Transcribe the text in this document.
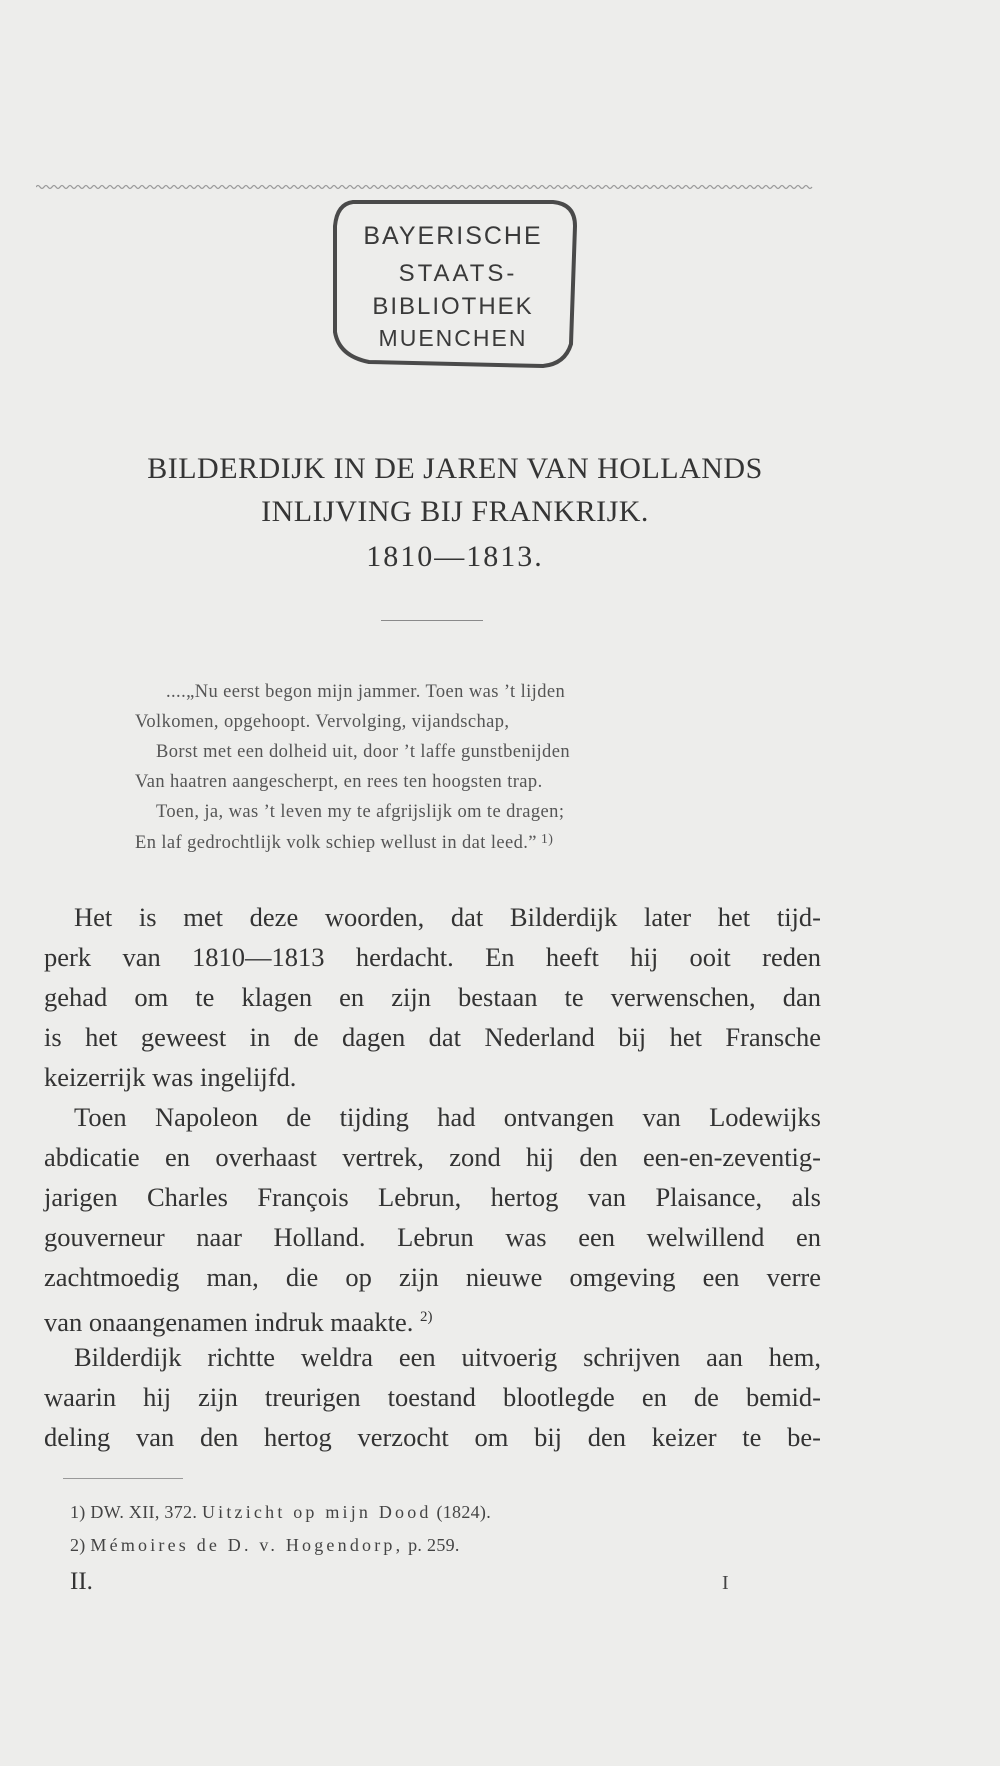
BAYERISCHE
STAATS-
BIBLIOTHEK
MUENCHEN
BILDERDIJK IN DE JAREN VAN HOLLANDS
INLIJVING BIJ FRANKRIJK.
1810—1813.
....„Nu eerst begon mijn jammer. Toen was ’t lijden
Volkomen, opgehoopt. Vervolging, vijandschap,
Borst met een dolheid uit, door ’t laffe gunstbenijden
Van haatren aangescherpt, en rees ten hoogsten trap.
Toen, ja, was ’t leven my te afgrijslijk om te dragen;
En laf gedrochtlijk volk schiep wellust in dat leed.” $^{1)}$
Het is met deze woorden, dat Bilderdijk later het tijd-
perk van 1810—1813 herdacht. En heeft hij ooit reden
gehad om te klagen en zijn bestaan te verwenschen, dan
is het geweest in de dagen dat Nederland bij het Fransche
keizerrijk was ingelijfd.
Toen Napoleon de tijding had ontvangen van Lodewijks
abdicatie en overhaast vertrek, zond hij den een-en-zeventig-
jarigen Charles François Lebrun, hertog van Plaisance, als
gouverneur naar Holland. Lebrun was een welwillend en
zachtmoedig man, die op zijn nieuwe omgeving een verre
van onaangenamen indruk maakte. $^{2)}$
Bilderdijk richtte weldra een uitvoerig schrijven aan hem,
waarin hij zijn treurigen toestand blootlegde en de bemid-
deling van den hertog verzocht om bij den keizer te be-
1) DW. XII, 372. Uitzicht op mijn Dood (1824).
2) Mémoires de D. v. Hogendorp, p. 259.
II.	I
